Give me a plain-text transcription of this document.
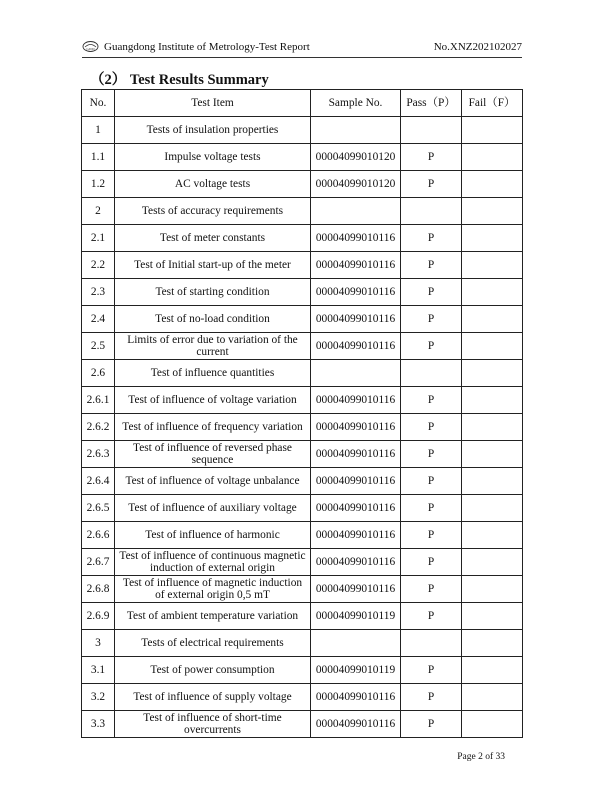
GDM Guangdong Institute of Metrology-Test Report	No.XNZ202102027
（2） Test Results Summary
No.	Test Item	Sample No.	Pass（P）	Fail（F）
1	Tests of insulation properties			
1.1	Impulse voltage tests	00004099010120	P	
1.2	AC voltage tests	00004099010120	P	
2	Tests of accuracy requirements			
2.1	Test of meter constants	00004099010116	P	
2.2	Test of Initial start-up of the meter	00004099010116	P	
2.3	Test of starting condition	00004099010116	P	
2.4	Test of no-load condition	00004099010116	P	
2.5	Limits of error due to variation of the current	00004099010116	P	
2.6	Test of influence quantities			
2.6.1	Test of influence of voltage variation	00004099010116	P	
2.6.2	Test of influence of frequency variation	00004099010116	P	
2.6.3	Test of influence of reversed phase sequence	00004099010116	P	
2.6.4	Test of influence of voltage unbalance	00004099010116	P	
2.6.5	Test of influence of auxiliary voltage	00004099010116	P	
2.6.6	Test of influence of harmonic	00004099010116	P	
2.6.7	Test of influence of continuous magnetic induction of external origin	00004099010116	P	
2.6.8	Test of influence of magnetic induction of external origin 0,5 mT	00004099010116	P	
2.6.9	Test of ambient temperature variation	00004099010119	P	
3	Tests of electrical requirements			
3.1	Test of power consumption	00004099010119	P	
3.2	Test of influence of supply voltage	00004099010116	P	
3.3	Test of influence of short-time overcurrents	00004099010116	P	
Page 2 of 33
